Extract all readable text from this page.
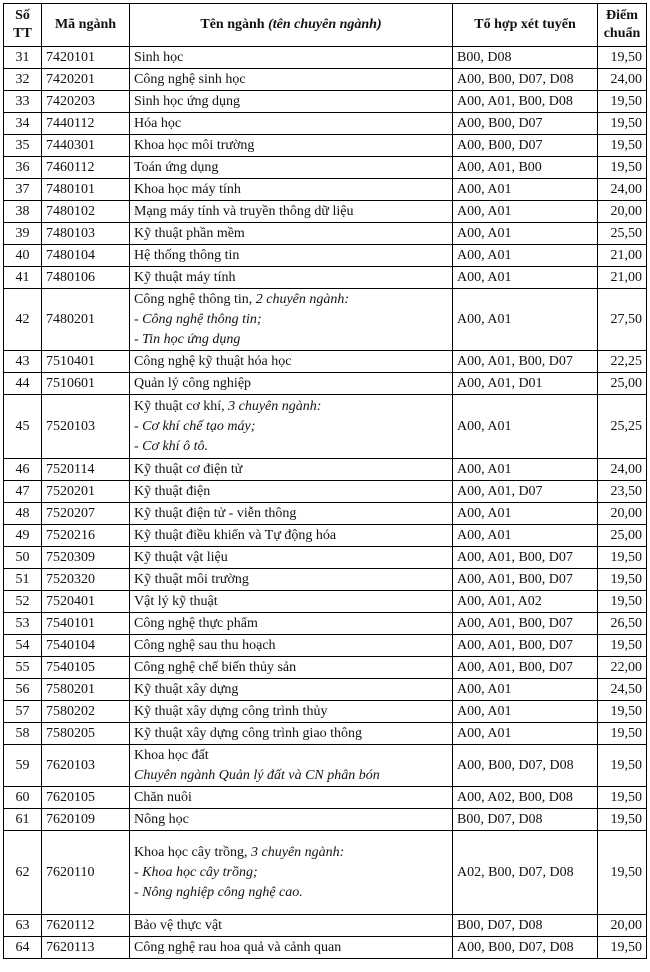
Số
TT	Mã ngành	Tên ngành (tên chuyên ngành)	Tổ hợp xét tuyển	Điểm
chuẩn

31	7420101	Sinh học	B00, D08	19,50
32	7420201	Công nghệ sinh học	A00, B00, D07, D08	24,00
33	7420203	Sinh học ứng dụng	A00, A01, B00, D08	19,50
34	7440112	Hóa học	A00, B00, D07	19,50
35	7440301	Khoa học môi trường	A00, B00, D07	19,50
36	7460112	Toán ứng dụng	A00, A01, B00	19,50
37	7480101	Khoa học máy tính	A00, A01	24,00
38	7480102	Mạng máy tính và truyền thông dữ liệu	A00, A01	20,00
39	7480103	Kỹ thuật phần mềm	A00, A01	25,50
40	7480104	Hệ thống thông tin	A00, A01	21,00
41	7480106	Kỹ thuật máy tính	A00, A01	21,00
42	7480201	Công nghệ thông tin, 2 chuyên ngành:
- Công nghệ thông tin;
- Tin học ứng dụng	A00, A01	27,50
43	7510401	Công nghệ kỹ thuật hóa học	A00, A01, B00, D07	22,25
44	7510601	Quản lý công nghiệp	A00, A01, D01	25,00
45	7520103	Kỹ thuật cơ khí, 3 chuyên ngành:
- Cơ khí chế tạo máy;
- Cơ khí ô tô.	A00, A01	25,25
46	7520114	Kỹ thuật cơ điện tử	A00, A01	24,00
47	7520201	Kỹ thuật điện	A00, A01, D07	23,50
48	7520207	Kỹ thuật điện tử - viễn thông	A00, A01	20,00
49	7520216	Kỹ thuật điều khiển và Tự động hóa	A00, A01	25,00
50	7520309	Kỹ thuật vật liệu	A00, A01, B00, D07	19,50
51	7520320	Kỹ thuật môi trường	A00, A01, B00, D07	19,50
52	7520401	Vật lý kỹ thuật	A00, A01, A02	19,50
53	7540101	Công nghệ thực phẩm	A00, A01, B00, D07	26,50
54	7540104	Công nghệ sau thu hoạch	A00, A01, B00, D07	19,50
55	7540105	Công nghệ chế biến thủy sản	A00, A01, B00, D07	22,00
56	7580201	Kỹ thuật xây dựng	A00, A01	24,50
57	7580202	Kỹ thuật xây dựng công trình thủy	A00, A01	19,50
58	7580205	Kỹ thuật xây dựng công trình giao thông	A00, A01	19,50
59	7620103	Khoa học đất
Chuyên ngành Quản lý đất và CN phân bón	A00, B00, D07, D08	19,50
60	7620105	Chăn nuôi	A00, A02, B00, D08	19,50
61	7620109	Nông học	B00, D07, D08	19,50
62	7620110	Khoa học cây trồng, 3 chuyên ngành:
- Khoa học cây trồng;
- Nông nghiệp công nghệ cao.	A02, B00, D07, D08	19,50
63	7620112	Bảo vệ thực vật	B00, D07, D08	20,00
64	7620113	Công nghệ rau hoa quả và cảnh quan	A00, B00, D07, D08	19,50
